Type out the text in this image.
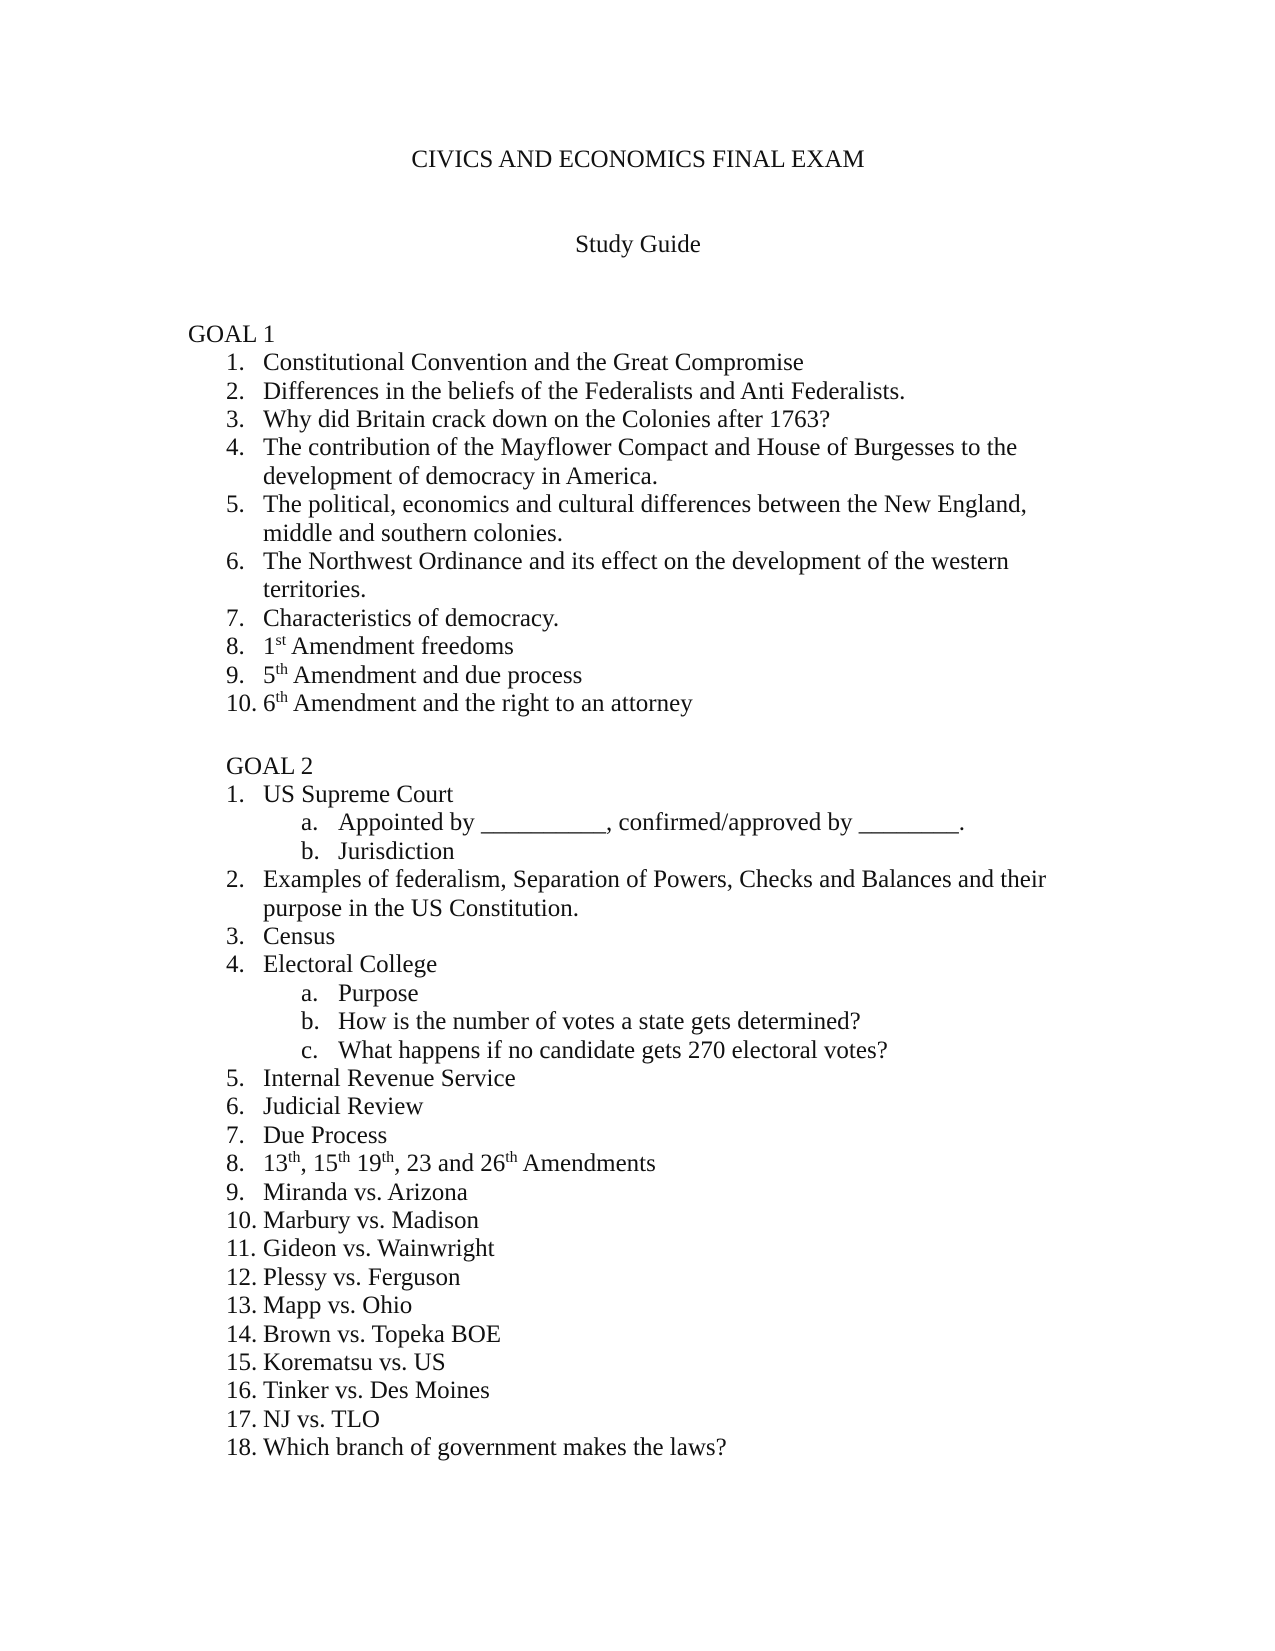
CIVICS AND ECONOMICS FINAL EXAM
Study Guide
GOAL 1
1. Constitutional Convention and the Great Compromise
2. Differences in the beliefs of the Federalists and Anti Federalists.
3. Why did Britain crack down on the Colonies after 1763?
4. The contribution of the Mayflower Compact and House of Burgesses to the development of democracy in America.
5. The political, economics and cultural differences between the New England, middle and southern colonies.
6. The Northwest Ordinance and its effect on the development of the western territories.
7. Characteristics of democracy.
8. 1st Amendment freedoms
9. 5th Amendment and due process
10. 6th Amendment and the right to an attorney
GOAL 2
1. US Supreme Court
a. Appointed by __________, confirmed/approved by ________.
b. Jurisdiction
2. Examples of federalism, Separation of Powers, Checks and Balances and their purpose in the US Constitution.
3. Census
4. Electoral College
a. Purpose
b. How is the number of votes a state gets determined?
c. What happens if no candidate gets 270 electoral votes?
5. Internal Revenue Service
6. Judicial Review
7. Due Process
8. 13th, 15th 19th, 23 and 26th Amendments
9. Miranda vs. Arizona
10. Marbury vs. Madison
11. Gideon vs. Wainwright
12. Plessy vs. Ferguson
13. Mapp vs. Ohio
14. Brown vs. Topeka BOE
15. Korematsu vs. US
16. Tinker vs. Des Moines
17. NJ vs. TLO
18. Which branch of government makes the laws?
